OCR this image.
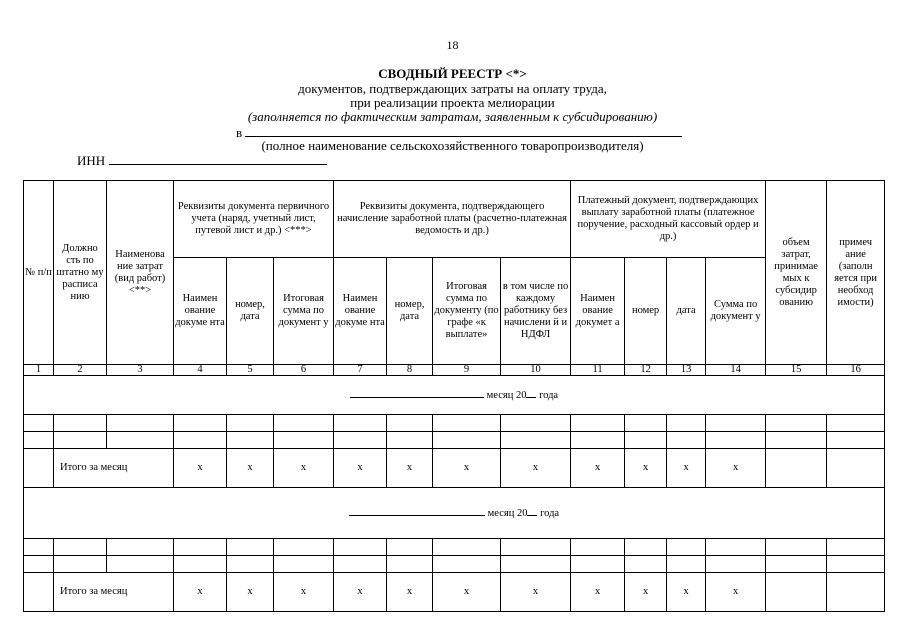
18
СВОДНЫЙ РЕЕСТР <*>
документов, подтверждающих затраты на оплату труда,
при реализации проекта мелиорации
(заполняется по фактическим затратам, заявленным к субсидированию)
в
(полное наименование сельскохозяйственного товаропроизводителя)
ИНН
№ п/п	Должно сть по штатно му расписа нию	Наименова ние затрат (вид работ) <**>	Реквизиты документа первичного учета (наряд, учетный лист, путевой лист и др.) <***>			Реквизиты документа, подтверждающего начисление заработной платы (расчетно-платежная ведомость и др.)				Платежный документ, подтверждающих выплату заработной платы (платежное поручение, расходный кассовый ордер и др.)				объем затрат, принимае мых к субсидир ованию	примеч ание (заполн яется при необход имости)
			Наимен ование докуме нта	номер, дата	Итоговая сумма по документ у	Наимен ование докуме нта	номер, дата	Итоговая сумма по документу (по графе «к выплате»	в том числе по каждому работнику без начислени й и НДФЛ	Наимен ование докумет а	номер	дата	Сумма по документ у		
1	2	3	4	5	6	7	8	9	10	11	12	13	14	15	16
месяц 20 года															

	Итого за месяц		х	х	х	х	х	х	х	х	х	х	х		
месяц 20 года															

	Итого за месяц		х	х	х	х	х	х	х	х	х	х	х		
